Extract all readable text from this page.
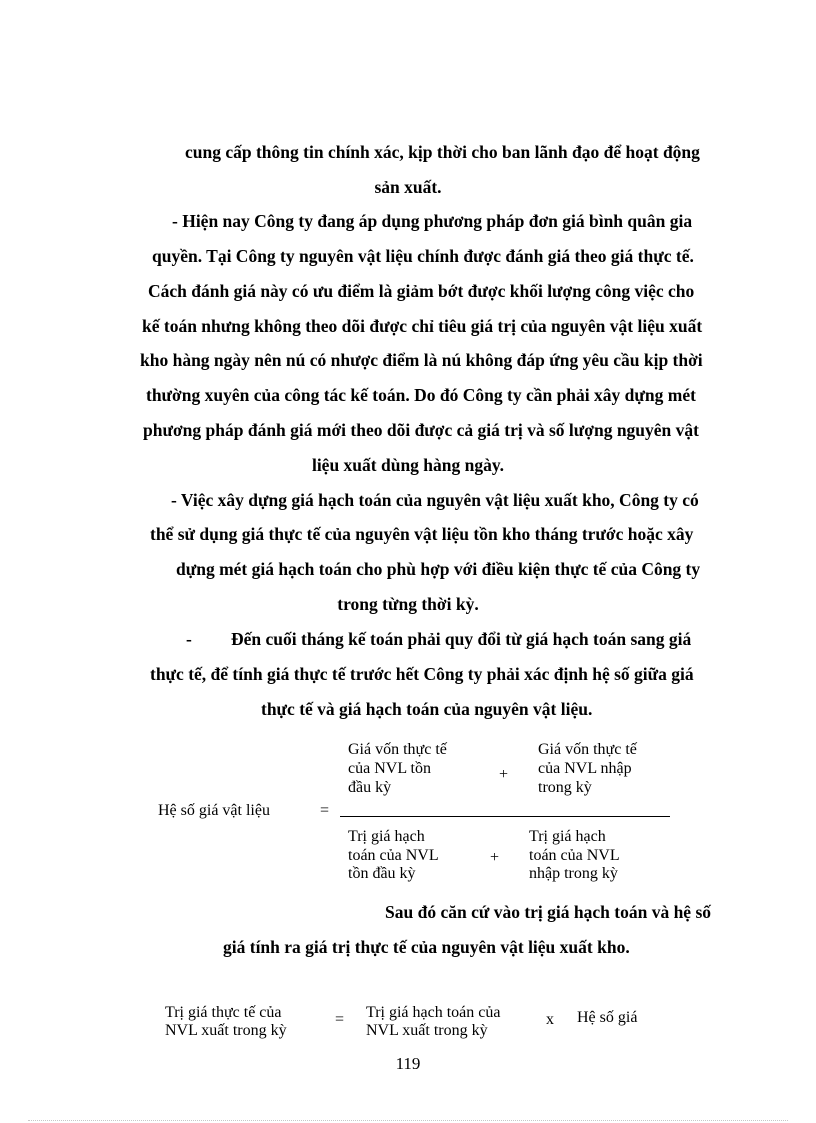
cung cấp thông tin chính xác, kịp thời cho ban lãnh đạo để hoạt động
sản xuất.
- Hiện nay Công ty đang áp dụng phương pháp đơn giá bình quân gia
quyền. Tại Công ty nguyên vật liệu chính được đánh giá theo giá thực tế.
Cách đánh giá này có ưu điểm là giảm bớt được khối lượng công việc cho
kế toán nhưng không theo dõi được chỉ tiêu giá trị của nguyên vật liệu xuất
kho hàng ngày nên nú có nhược điểm là nú không đáp ứng yêu cầu kịp thời
thường xuyên của công tác kế toán. Do đó Công ty cần phải xây dựng mét
phương pháp đánh giá mới theo dõi được cả giá trị và số lượng nguyên vật
liệu xuất dùng hàng ngày.
- Việc xây dựng giá hạch toán của nguyên vật liệu xuất kho, Công ty có
thể sử dụng giá thực tế của nguyên vật liệu tồn kho tháng trước hoặc xây
dựng mét giá hạch toán cho phù hợp với điều kiện thực tế của Công ty
trong từng thời kỳ.
- Đến cuối tháng kế toán phải quy đổi từ giá hạch toán sang giá
thực tế, để tính giá thực tế trước hết Công ty phải xác định hệ số giữa giá
thực tế và giá hạch toán của nguyên vật liệu.
Hệ số giá vật liệu	=
Giá vốn thực tế
của NVL tồn
đầu kỳ
+
Giá vốn thực tế
của NVL nhập
trong kỳ
Trị giá hạch
toán của NVL
tồn đầu kỳ
+
Trị giá hạch
toán của NVL
nhập trong kỳ
Sau đó căn cứ vào trị giá hạch toán và hệ số
giá tính ra giá trị thực tế của nguyên vật liệu xuất kho.
Trị giá thực tế của
NVL xuất trong kỳ
= Trị giá hạch toán của
NVL xuất trong kỳ
x Hệ số giá
119
